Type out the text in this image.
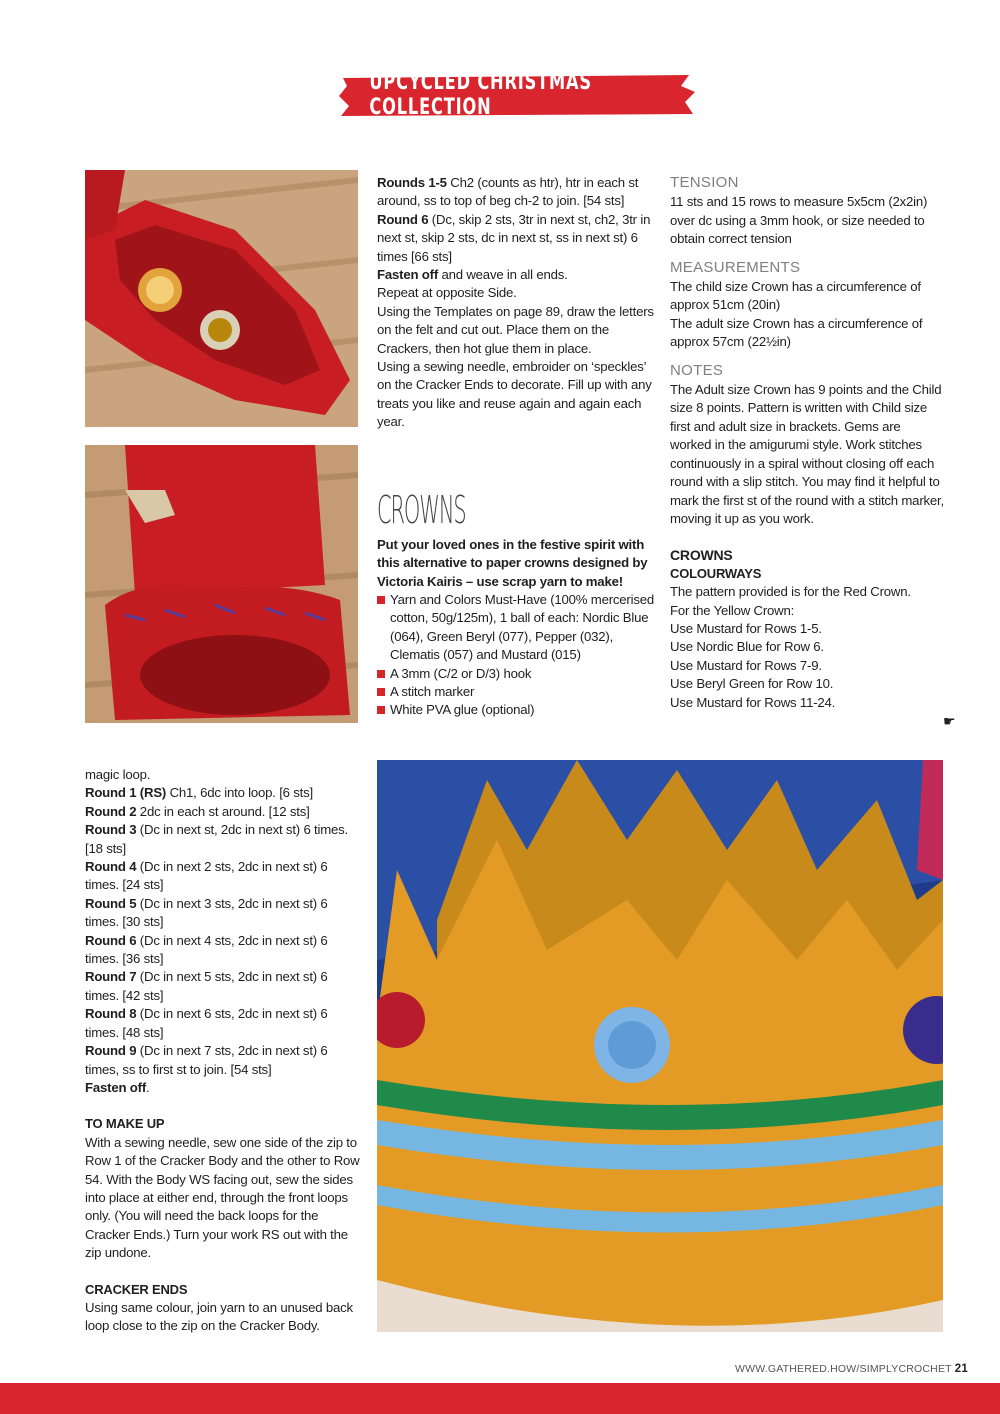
UPCYCLED CHRISTMAS COLLECTION

Rounds 1-5 Ch2 (counts as htr), htr in each st around, ss to top of beg ch-2 to join. [54 sts]

Round 6 (Dc, skip 2 sts, 3tr in next st, ch2, 3tr in next st, skip 2 sts, dc in next st, ss in next st) 6 times [66 sts]

Fasten off and weave in all ends.

Repeat at opposite Side.

Using the Templates on page 89, draw the letters on the felt and cut out. Place them on the Crackers, then hot glue them in place.

Using a sewing needle, embroider on ‘speckles’ on the Cracker Ends to decorate. Fill up with any treats you like and reuse again and again each year.

CROWNS

Put your loved ones in the festive spirit with this alternative to paper crowns designed by Victoria Kairis – use scrap yarn to make!

Yarn and Colors Must-Have (100% mercerised cotton, 50g/125m), 1 ball of each: Nordic Blue (064), Green Beryl (077), Pepper (032), Clematis (057) and Mustard (015)
A 3mm (C/2 or D/3) hook
A stitch marker
White PVA glue (optional)

TENSION

11 sts and 15 rows to measure 5x5cm (2x2in) over dc using a 3mm hook, or size needed to obtain correct tension

MEASUREMENTS

The child size Crown has a circumference of approx 51cm (20in)

The adult size Crown has a circumference of approx 57cm (22½in)

NOTES

The Adult size Crown has 9 points and the Child size 8 points. Pattern is written with Child size first and adult size in brackets. Gems are worked in the amigurumi style. Work stitches continuously in a spiral without closing off each round with a slip stitch. You may find it helpful to mark the first st of the round with a stitch marker, moving it up as you work.

CROWNS

COLOURWAYS

The pattern provided is for the Red Crown.

For the Yellow Crown:

Use Mustard for Rows 1-5.

Use Nordic Blue for Row 6.

Use Mustard for Rows 7-9.

Use Beryl Green for Row 10.

Use Mustard for Rows 11-24.

☛

magic loop.

Round 1 (RS) Ch1, 6dc into loop. [6 sts]

Round 2 2dc in each st around. [12 sts]

Round 3 (Dc in next st, 2dc in next st) 6 times. [18 sts]

Round 4 (Dc in next 2 sts, 2dc in next st) 6 times. [24 sts]

Round 5 (Dc in next 3 sts, 2dc in next st) 6 times. [30 sts]

Round 6 (Dc in next 4 sts, 2dc in next st) 6 times. [36 sts]

Round 7 (Dc in next 5 sts, 2dc in next st) 6 times. [42 sts]

Round 8 (Dc in next 6 sts, 2dc in next st) 6 times. [48 sts]

Round 9 (Dc in next 7 sts, 2dc in next st) 6 times, ss to first st to join. [54 sts]

Fasten off.

TO MAKE UP

With a sewing needle, sew one side of the zip to Row 1 of the Cracker Body and the other to Row 54. With the Body WS facing out, sew the sides into place at either end, through the front loops only. (You will need the back loops for the Cracker Ends.) Turn your work RS out with the zip undone.

CRACKER ENDS

Using same colour, join yarn to an unused back loop close to the zip on the Cracker Body.

WWW.GATHERED.HOW/SIMPLYCROCHET 21
